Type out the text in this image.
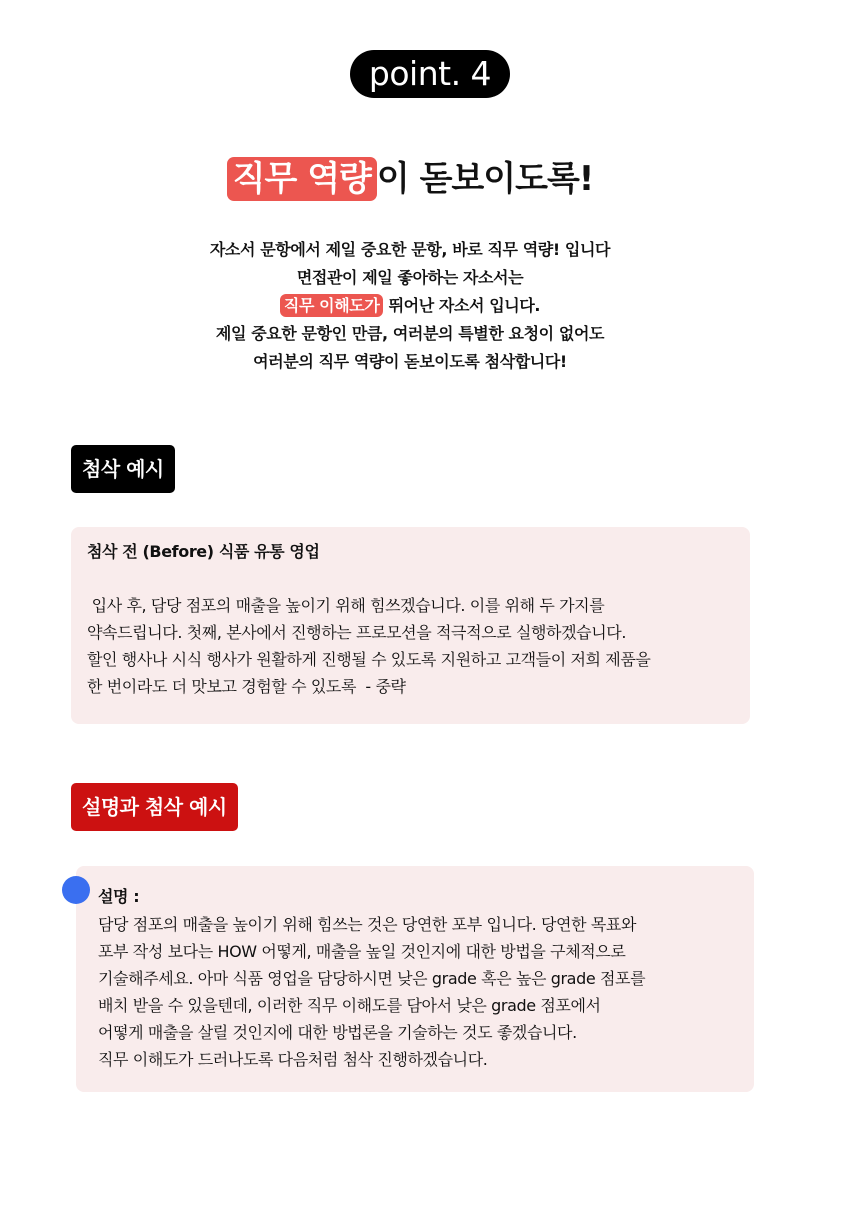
point. 4
직무 역량 이 돋보이도록!
자소서 문항에서 제일 중요한 문항, 바로 직무 역량! 입니다
면접관이 제일 좋아하는 자소서는
직무 이해도가 뛰어난 자소서 입니다.
제일 중요한 문항인 만큼, 여러분의 특별한 요청이 없어도
여러분의 직무 역량이 돋보이도록 첨삭합니다!
첨삭 예시
첨삭 전 (Before) 식품 유통 영업
입사 후, 담당 점포의 매출을 높이기 위해 힘쓰겠습니다. 이를 위해 두 가지를
약속드립니다. 첫째, 본사에서 진행하는 프로모션을 적극적으로 실행하겠습니다.
할인 행사나 시식 행사가 원활하게 진행될 수 있도록 지원하고 고객들이 저희 제품을
한 번이라도 더 맛보고 경험할 수 있도록  - 중략
설명과 첨삭 예시
설명 :
담당 점포의 매출을 높이기 위해 힘쓰는 것은 당연한 포부 입니다. 당연한 목표와
포부 작성 보다는 HOW 어떻게, 매출을 높일 것인지에 대한 방법을 구체적으로
기술해주세요. 아마 식품 영업을 담당하시면 낮은 grade 혹은 높은 grade 점포를
배치 받을 수 있을텐데, 이러한 직무 이해도를 담아서 낮은 grade 점포에서
어떻게 매출을 살릴 것인지에 대한 방법론을 기술하는 것도 좋겠습니다.
직무 이해도가 드러나도록 다음처럼 첨삭 진행하겠습니다.
